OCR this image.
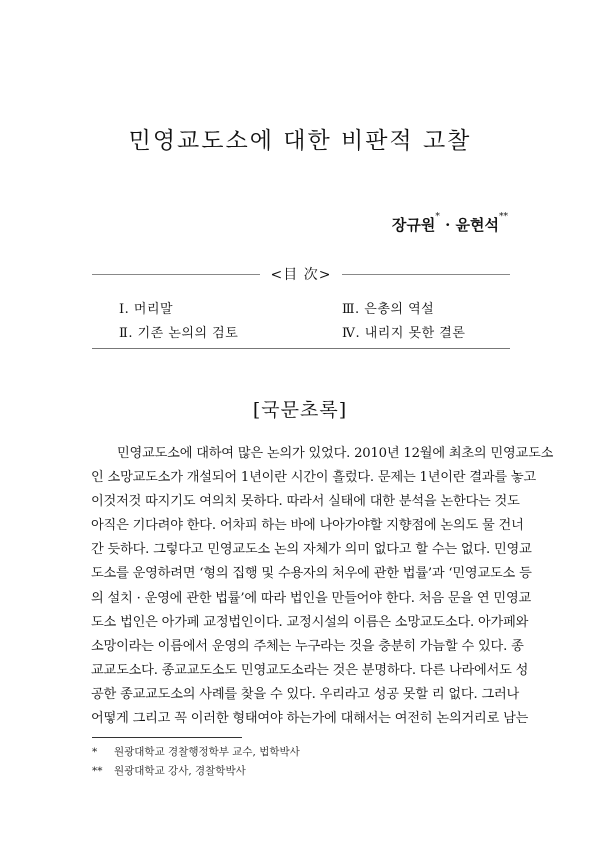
민영교도소에 대한 비판적 고찰
장규원* · 윤현석**
<目 次>
Ⅰ. 머리말
Ⅱ. 기존 논의의 검토
Ⅲ. 은총의 역설
Ⅳ. 내리지 못한 결론
[국문초록]
민영교도소에 대하여 많은 논의가 있었다. 2010년 12월에 최초의 민영교도소
인 소망교도소가 개설되어 1년이란 시간이 흘렀다. 문제는 1년이란 결과를 놓고
이것저것 따지기도 여의치 못하다. 따라서 실태에 대한 분석을 논한다는 것도
아직은 기다려야 한다. 어차피 하는 바에 나아가야할 지향점에 논의도 물 건너
간 듯하다. 그렇다고 민영교도소 논의 자체가 의미 없다고 할 수는 없다. 민영교
도소를 운영하려면 ‘형의 집행 및 수용자의 처우에 관한 법률’과 ‘민영교도소 등
의 설치 · 운영에 관한 법률’에 따라 법인을 만들어야 한다. 처음 문을 연 민영교
도소 법인은 아가페 교정법인이다. 교정시설의 이름은 소망교도소다. 아가페와
소망이라는 이름에서 운영의 주체는 누구라는 것을 충분히 가늠할 수 있다. 종
교교도소다. 종교교도소도 민영교도소라는 것은 분명하다. 다른 나라에서도 성
공한 종교교도소의 사례를 찾을 수 있다. 우리라고 성공 못할 리 없다. 그러나
어떻게 그리고 꼭 이러한 형태여야 하는가에 대해서는 여전히 논의거리로 남는
* 원광대학교 경찰행정학부 교수, 법학박사
** 원광대학교 강사, 경찰학박사
